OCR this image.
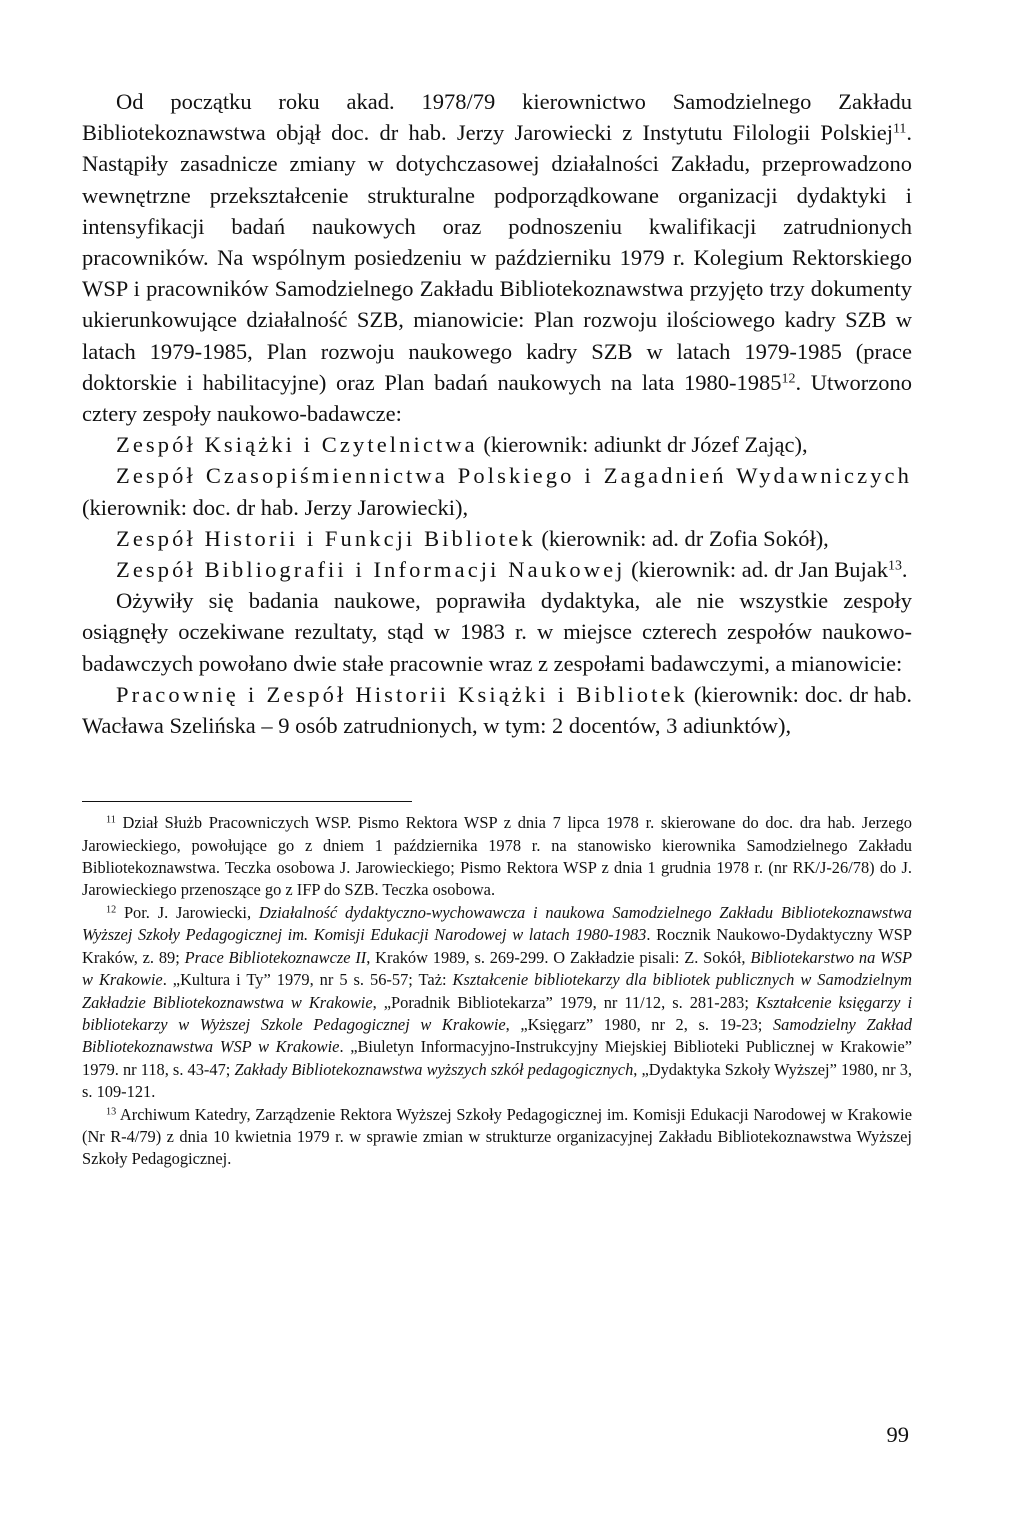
Od początku roku akad. 1978/79 kierownictwo Samodzielnego Zakładu Bibliotekoznawstwa objął doc. dr hab. Jerzy Jarowiecki z Instytutu Filologii Polskiej$^{11}$. Nastąpiły zasadnicze zmiany w dotychczasowej działalności Zakładu, przeprowadzono wewnętrzne przekształcenie strukturalne podporządkowane organizacji dydaktyki i intensyfikacji badań naukowych oraz podnoszeniu kwalifikacji zatrudnionych pracowników. Na wspólnym posiedzeniu w październiku 1979 r. Kolegium Rektorskiego WSP i pracowników Samodzielnego Zakładu Bibliotekoznawstwa przyjęto trzy dokumenty ukierunkowujące działalność SZB, mianowicie: Plan rozwoju ilościowego kadry SZB w latach 1979-1985, Plan rozwoju naukowego kadry SZB w latach 1979-1985 (prace doktorskie i habilitacyjne) oraz Plan badań naukowych na lata 1980-1985$^{12}$. Utworzono cztery zespoły naukowo-badawcze:

Zespół Książki i Czytelnictwa (kierownik: adiunkt dr Józef Zając),

Zespół Czasopiśmiennictwa Polskiego i Zagadnień Wydawniczych (kierownik: doc. dr hab. Jerzy Jarowiecki),

Zespół Historii i Funkcji Bibliotek (kierownik: ad. dr Zofia Sokół),

Zespół Bibliografii i Informacji Naukowej (kierownik: ad. dr Jan Bujak$^{13}$.

Ożywiły się badania naukowe, poprawiła dydaktyka, ale nie wszystkie zespoły osiągnęły oczekiwane rezultaty, stąd w 1983 r. w miejsce czterech zespołów naukowo-badawczych powołano dwie stałe pracownie wraz z zespołami badawczymi, a mianowicie:

Pracownię i Zespół Historii Książki i Bibliotek (kierownik: doc. dr hab. Wacława Szelińska – 9 osób zatrudnionych, w tym: 2 docentów, 3 adiunktów),

$^{11}$ Dział Służb Pracowniczych WSP. Pismo Rektora WSP z dnia 7 lipca 1978 r. skierowane do doc. dra hab. Jerzego Jarowieckiego, powołujące go z dniem 1 października 1978 r. na stanowisko kierownika Samodzielnego Zakładu Bibliotekoznawstwa. Teczka osobowa J. Jarowieckiego; Pismo Rektora WSP z dnia 1 grudnia 1978 r. (nr RK/J-26/78) do J. Jarowieckiego przenoszące go z IFP do SZB. Teczka osobowa.

$^{12}$ Por. J. Jarowiecki, Działalność dydaktyczno-wychowawcza i naukowa Samodzielnego Zakładu Bibliotekoznawstwa Wyższej Szkoły Pedagogicznej im. Komisji Edukacji Narodowej w latach 1980-1983. Rocznik Naukowo-Dydaktyczny WSP Kraków, z. 89; Prace Bibliotekoznawcze II, Kraków 1989, s. 269-299. O Zakładzie pisali: Z. Sokół, Bibliotekarstwo na WSP w Krakowie. „Kultura i Ty” 1979, nr 5 s. 56-57; Taż: Kształcenie bibliotekarzy dla bibliotek publicznych w Samodzielnym Zakładzie Bibliotekoznawstwa w Krakowie, „Poradnik Bibliotekarza” 1979, nr 11/12, s. 281-283; Kształcenie księgarzy i bibliotekarzy w Wyższej Szkole Pedagogicznej w Krakowie, „Księgarz” 1980, nr 2, s. 19-23; Samodzielny Zakład Bibliotekoznawstwa WSP w Krakowie. „Biuletyn Informacyjno-Instrukcyjny Miejskiej Biblioteki Publicznej w Krakowie” 1979. nr 118, s. 43-47; Zakłady Bibliotekoznawstwa wyższych szkół pedagogicznych, „Dydaktyka Szkoły Wyższej” 1980, nr 3, s. 109-121.

$^{13}$ Archiwum Katedry, Zarządzenie Rektora Wyższej Szkoły Pedagogicznej im. Komisji Edukacji Narodowej w Krakowie (Nr R-4/79) z dnia 10 kwietnia 1979 r. w sprawie zmian w strukturze organizacyjnej Zakładu Bibliotekoznawstwa Wyższej Szkoły Pedagogicznej.

99
